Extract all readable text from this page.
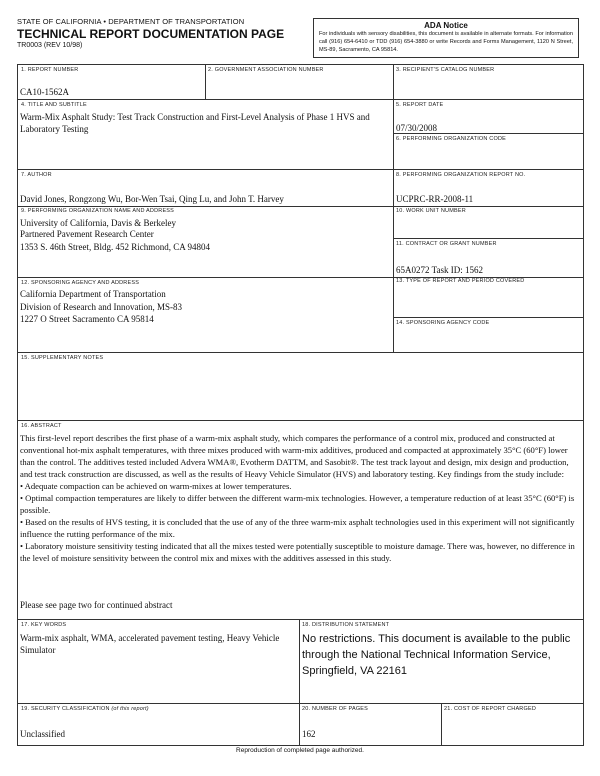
STATE OF CALIFORNIA • DEPARTMENT OF TRANSPORTATION
TECHNICAL REPORT DOCUMENTATION PAGE
TR0003 (REV 10/98)
ADA Notice
For individuals with sensory disabilities, this document is available in alternate formats. For information call (916) 654-6410 or TDD (916) 654-3880 or write Records and Forms Management, 1120 N Street, MS-89, Sacramento, CA 95814.
1. REPORT NUMBER
CA10-1562A
2. GOVERNMENT ASSOCIATION NUMBER	3. RECIPIENT'S CATALOG NUMBER
4. TITLE AND SUBTITLE
Warm-Mix Asphalt Study: Test Track Construction and First-Level Analysis of Phase 1 HVS and Laboratory Testing
5. REPORT DATE
07/30/2008
6. PERFORMING ORGANIZATION CODE
7. AUTHOR
David Jones, Rongzong Wu, Bor-Wen Tsai, Qing Lu, and John T. Harvey
8. PERFORMING ORGANIZATION REPORT NO.
UCPRC-RR-2008-11
9. PERFORMING ORGANIZATION NAME AND ADDRESS
University of California, Davis & Berkeley
Partnered Pavement Research Center
1353 S. 46th Street, Bldg. 452 Richmond, CA 94804
10. WORK UNIT NUMBER
11. CONTRACT OR GRANT NUMBER
65A0272 Task ID: 1562
12. SPONSORING AGENCY AND ADDRESS
California Department of Transportation
Division of Research and Innovation, MS-83
1227 O Street Sacramento CA 95814
13. TYPE OF REPORT AND PERIOD COVERED
14. SPONSORING AGENCY CODE
15. SUPPLEMENTARY NOTES
16. ABSTRACT

This first-level report describes the first phase of a warm-mix asphalt study, which compares the performance of a control mix, produced and constructed at conventional hot-mix asphalt temperatures, with three mixes produced with warm-mix additives, produced and compacted at approximately 35°C (60°F) lower than the control. The additives tested included Advera WMA®, Evotherm DATTM, and Sasobit®. The test track layout and design, mix design and production, and test track construction are discussed, as well as the results of Heavy Vehicle Simulator (HVS) and laboratory testing. Key findings from the study include:

• Adequate compaction can be achieved on warm-mixes at lower temperatures.

• Optimal compaction temperatures are likely to differ between the different warm-mix technologies. However, a temperature reduction of at least 35°C (60°F) is possible.

• Based on the results of HVS testing, it is concluded that the use of any of the three warm-mix asphalt technologies used in this experiment will not significantly influence the rutting performance of the mix.

• Laboratory moisture sensitivity testing indicated that all the mixes tested were potentially susceptible to moisture damage. There was, however, no difference in the level of moisture sensitivity between the control mix and mixes with the additives assessed in this study.

Please see page two for continued abstract
17. KEY WORDS
Warm-mix asphalt, WMA, accelerated pavement testing, Heavy Vehicle Simulator
18. DISTRIBUTION STATEMENT
No restrictions. This document is available to the public through the National Technical Information Service, Springfield, VA 22161
19. SECURITY CLASSIFICATION (of this report)
Unclassified
20. NUMBER OF PAGES
162
21. COST OF REPORT CHARGED
Reproduction of completed page authorized.
